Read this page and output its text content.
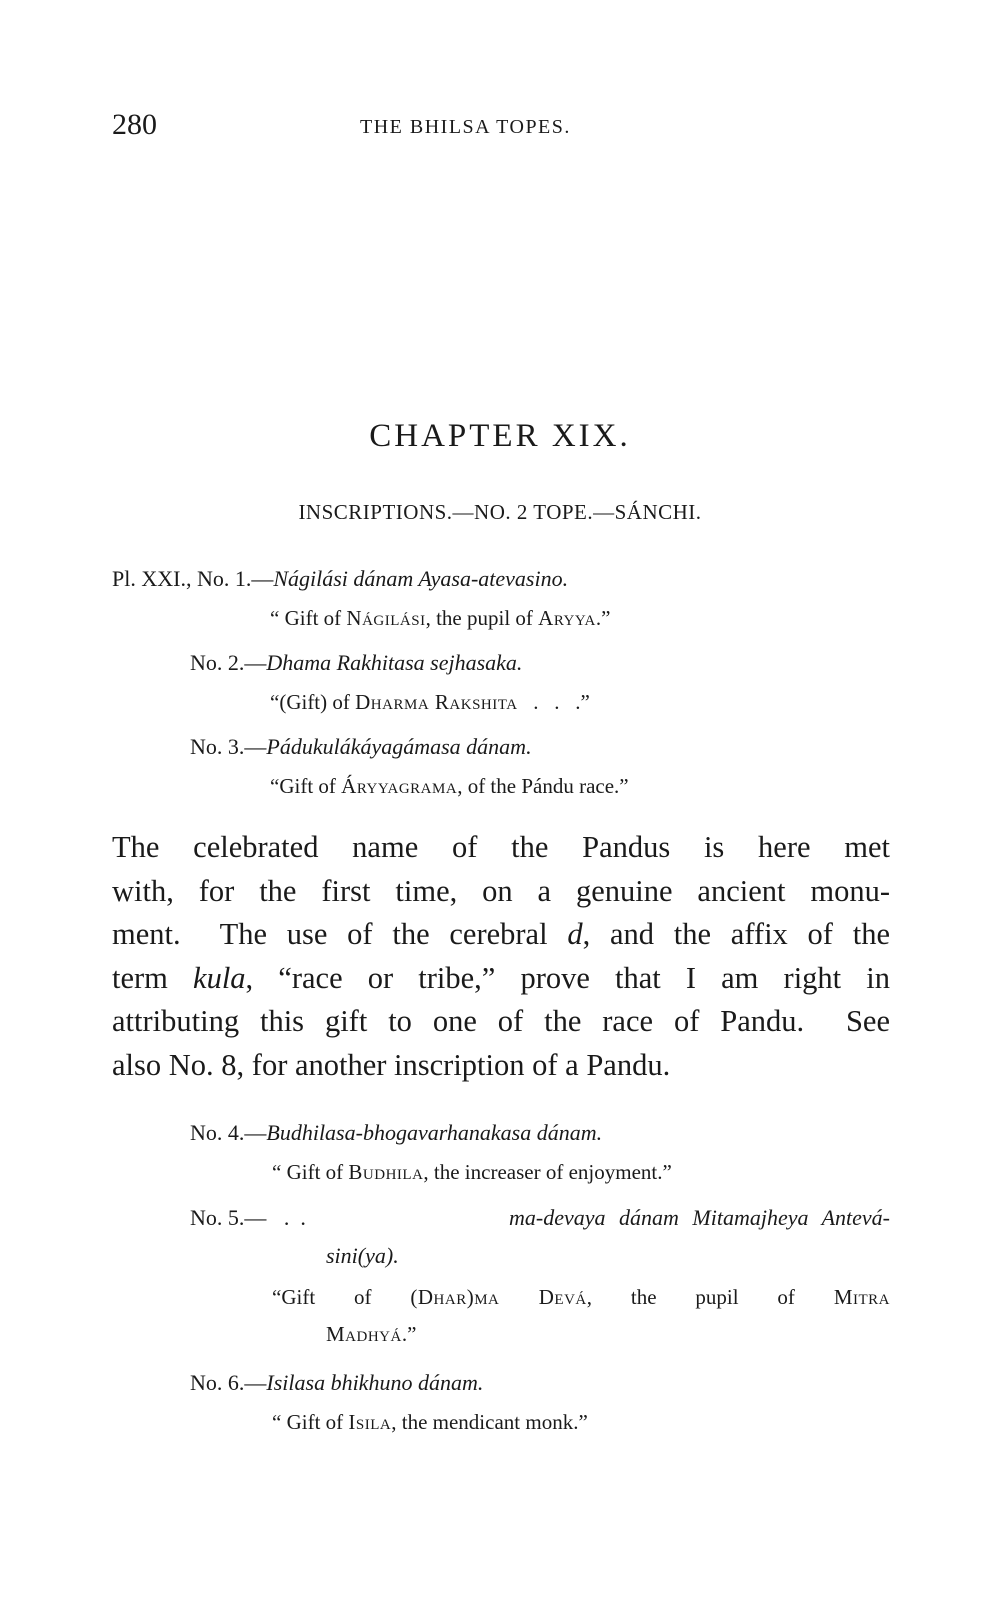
280	THE BHILSA TOPES.
CHAPTER XIX.
INSCRIPTIONS.—NO. 2 TOPE.—SÁNCHI.
Pl. XXI., No. 1.—Nágilási dánam Ayasa-atevasino.
“ Gift of Nágilási, the pupil of Aryya.”
No. 2.—Dhama Rakhitasa sejhasaka.
“(Gift) of Dharma Rakshita   .   .   .”
No. 3.—Pádukulákáyagámasa dánam.
“Gift of Áryyagrama, of the Pándu race.”
The celebrated name of the Pandus is here met
with, for the first time, on a genuine ancient monu-
ment. The use of the cerebral d, and the affix of the
term kula, “race or tribe,” prove that I am right in
attributing this gift to one of the race of Pandu. See
also No. 8, for another inscription of a Pandu.
No. 4.—Budhilasa-bhogavarhanakasa dánam.
“ Gift of Budhila, the increaser of enjoyment.”
No. 5.— .  .	ma-devaya dánam Mitamajheya Antevá-
sini(ya).
“Gift of (Dhar)ma Devá, the pupil of Mitra
Madhyá.”
No. 6.—Isilasa bhikhuno dánam.
“ Gift of Isila, the mendicant monk.”
